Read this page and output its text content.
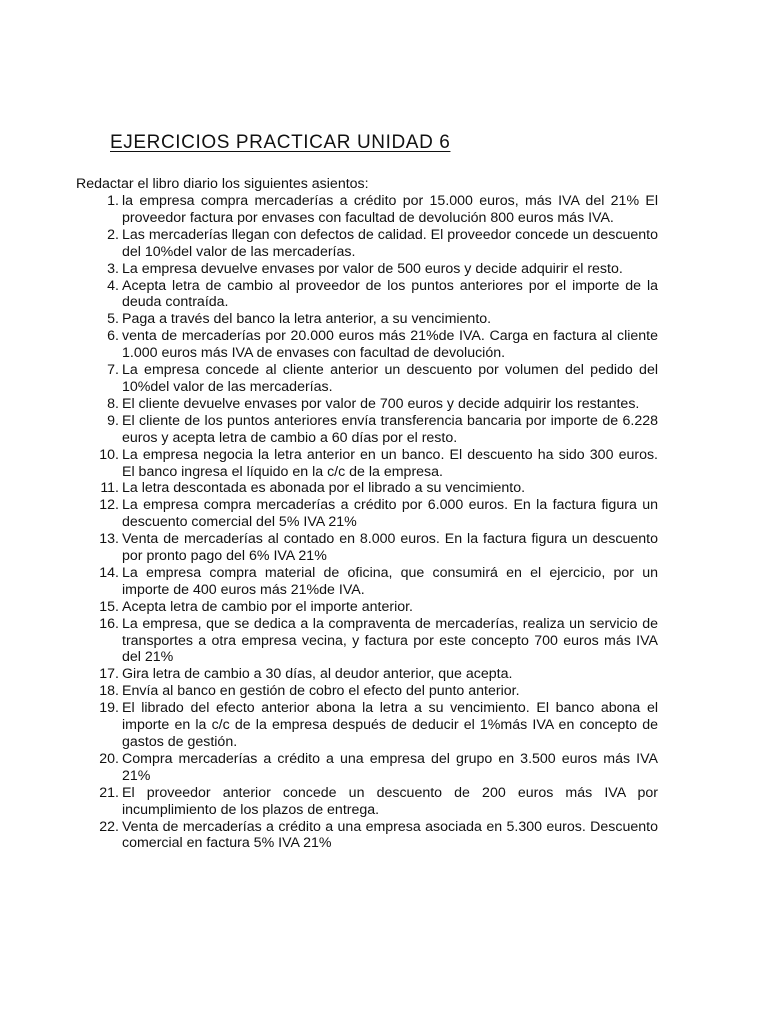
EJERCICIOS PRACTICAR UNIDAD 6

Redactar el libro diario los siguientes asientos:

1. la empresa compra mercaderías a crédito por 15.000 euros, más IVA del 21% El proveedor factura por envases con facultad de devolución 800 euros más IVA.
2. Las mercaderías llegan con defectos de calidad. El proveedor concede un descuento del 10%del valor de las mercaderías.
3. La empresa devuelve envases por valor de 500 euros y decide adquirir el resto.
4. Acepta letra de cambio al proveedor de los puntos anteriores por el importe de la deuda contraída.
5. Paga a través del banco la letra anterior, a su vencimiento.
6. venta de mercaderías por 20.000 euros más 21%de IVA. Carga en factura al cliente 1.000 euros más IVA de envases con facultad de devolución.
7. La empresa concede al cliente anterior un descuento por volumen del pedido del 10%del valor de las mercaderías.
8. El cliente devuelve envases por valor de 700 euros y decide adquirir los restantes.
9. El cliente de los puntos anteriores envía transferencia bancaria por importe de 6.228 euros y acepta letra de cambio a 60 días por el resto.
10. La empresa negocia la letra anterior en un banco. El descuento ha sido 300 euros. El banco ingresa el líquido en la c/c de la empresa.
11. La letra descontada es abonada por el librado a su vencimiento.
12. La empresa compra mercaderías a crédito por 6.000 euros. En la factura figura un descuento comercial del 5% IVA 21%
13. Venta de mercaderías al contado en 8.000 euros. En la factura figura un descuento por pronto pago del 6% IVA 21%
14. La empresa compra material de oficina, que consumirá en el ejercicio, por un importe de 400 euros más 21%de IVA.
15. Acepta letra de cambio por el importe anterior.
16. La empresa, que se dedica a la compraventa de mercaderías, realiza un servicio de transportes a otra empresa vecina, y factura por este concepto 700 euros más IVA del 21%
17. Gira letra de cambio a 30 días, al deudor anterior, que acepta.
18. Envía al banco en gestión de cobro el efecto del punto anterior.
19. El librado del efecto anterior abona la letra a su vencimiento. El banco abona el importe en la c/c de la empresa después de deducir el 1%más IVA en concepto de gastos de gestión.
20. Compra mercaderías a crédito a una empresa del grupo en 3.500 euros más IVA 21%
21. El proveedor anterior concede un descuento de 200 euros más IVA por incumplimiento de los plazos de entrega.
22. Venta de mercaderías a crédito a una empresa asociada en 5.300 euros. Descuento comercial en factura 5% IVA 21%
